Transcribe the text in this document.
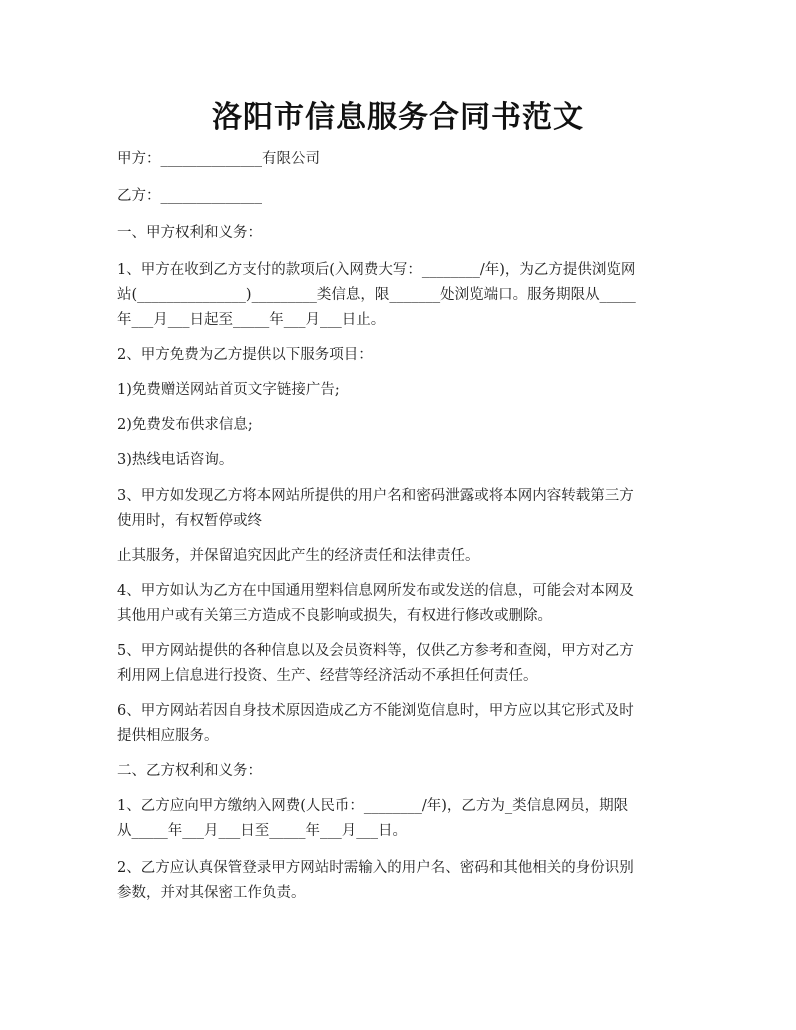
洛阳市信息服务合同书范文
甲方：______________有限公司
乙方：______________
一、甲方权利和义务：
1、甲方在收到乙方支付的款项后(入网费大写：________/年)，为乙方提供浏览网
站(_______________)_________类信息，限_______处浏览端口。服务期限从_____
年___月___日起至_____年___月___日止。
2、甲方免费为乙方提供以下服务项目：
1)免费赠送网站首页文字链接广告;
2)免费发布供求信息;
3)热线电话咨询。
3、甲方如发现乙方将本网站所提供的用户名和密码泄露或将本网内容转载第三方
使用时，有权暂停或终
止其服务，并保留追究因此产生的经济责任和法律责任。
4、甲方如认为乙方在中国通用塑料信息网所发布或发送的信息，可能会对本网及
其他用户或有关第三方造成不良影响或损失，有权进行修改或删除。
5、甲方网站提供的各种信息以及会员资料等，仅供乙方参考和查阅，甲方对乙方
利用网上信息进行投资、生产、经营等经济活动不承担任何责任。
6、甲方网站若因自身技术原因造成乙方不能浏览信息时，甲方应以其它形式及时
提供相应服务。
二、乙方权利和义务：
1、乙方应向甲方缴纳入网费(人民币：________/年)，乙方为_类信息网员，期限
从_____年___月___日至_____年___月___日。
2、乙方应认真保管登录甲方网站时需输入的用户名、密码和其他相关的身份识别
参数，并对其保密工作负责。
